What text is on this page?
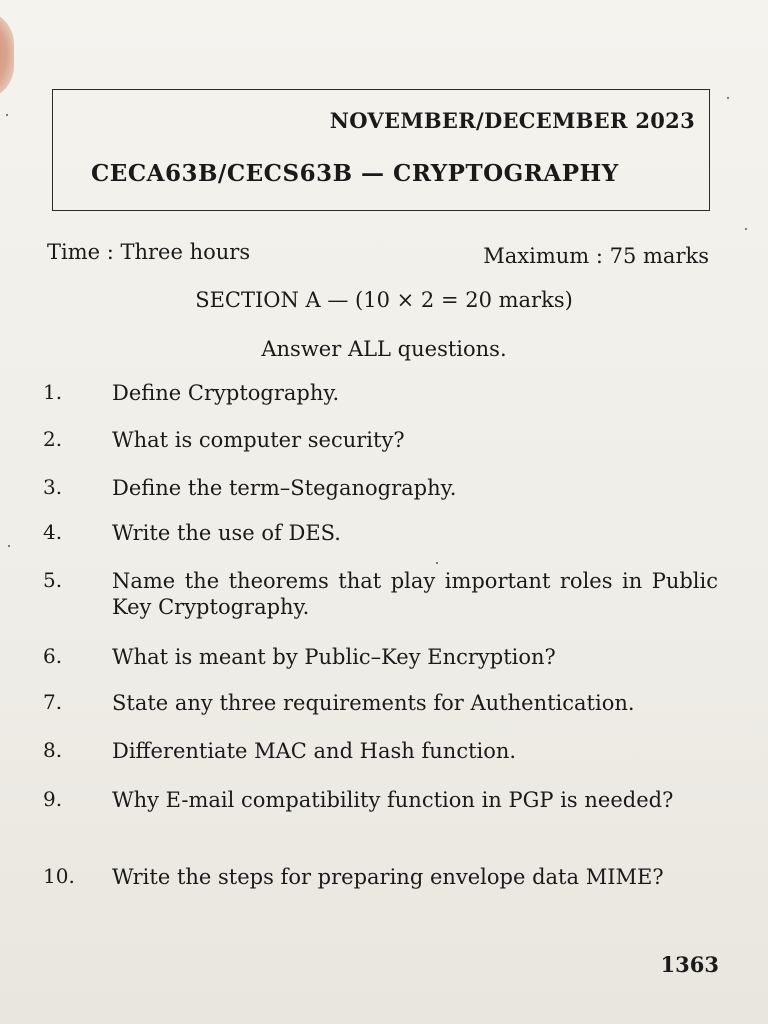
NOVEMBER/DECEMBER 2023
CECA63B/CECS63B — CRYPTOGRAPHY
Time : Three hours	Maximum : 75 marks
SECTION A — (10 × 2 = 20 marks)
Answer ALL questions.
1.	Define Cryptography.
2.	What is computer security?
3.	Define the term–Steganography.
4.	Write the use of DES.
5.	Name the theorems that play important roles in Public Key Cryptography.
6.	What is meant by Public–Key Encryption?
7.	State any three requirements for Authentication.
8.	Differentiate MAC and Hash function.
9.	Why E-mail compatibility function in PGP is needed?
10.	Write the steps for preparing envelope data MIME?
1363
